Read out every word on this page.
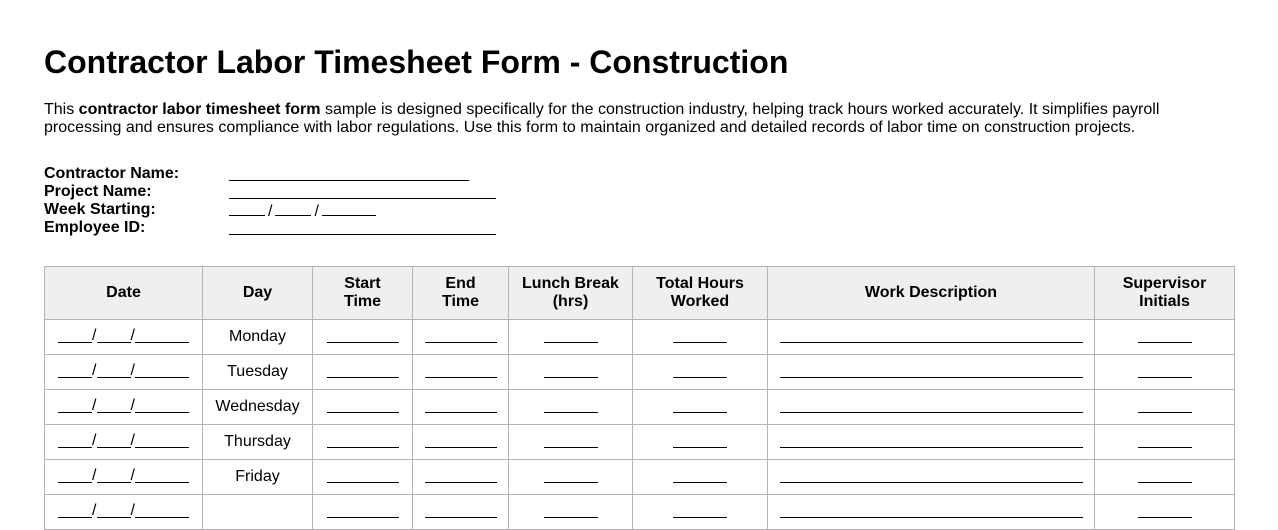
Contractor Labor Timesheet Form - Construction

This contractor labor timesheet form sample is designed specifically for the construction industry, helping track hours worked accurately. It simplifies payroll processing and ensures compliance with labor regulations. Use this form to maintain organized and detailed records of labor time on construction projects.

Contractor Name:
Project Name:
Week Starting:	/	/
Employee ID:
Date	Day	Start Time	End Time	Lunch Break (hrs)	Total Hours Worked	Work Description	Supervisor Initials

/ /	Monday						
/ /	Tuesday						
/ /	Wednesday						
/ /	Thursday						
/ /	Friday						
/ /							
